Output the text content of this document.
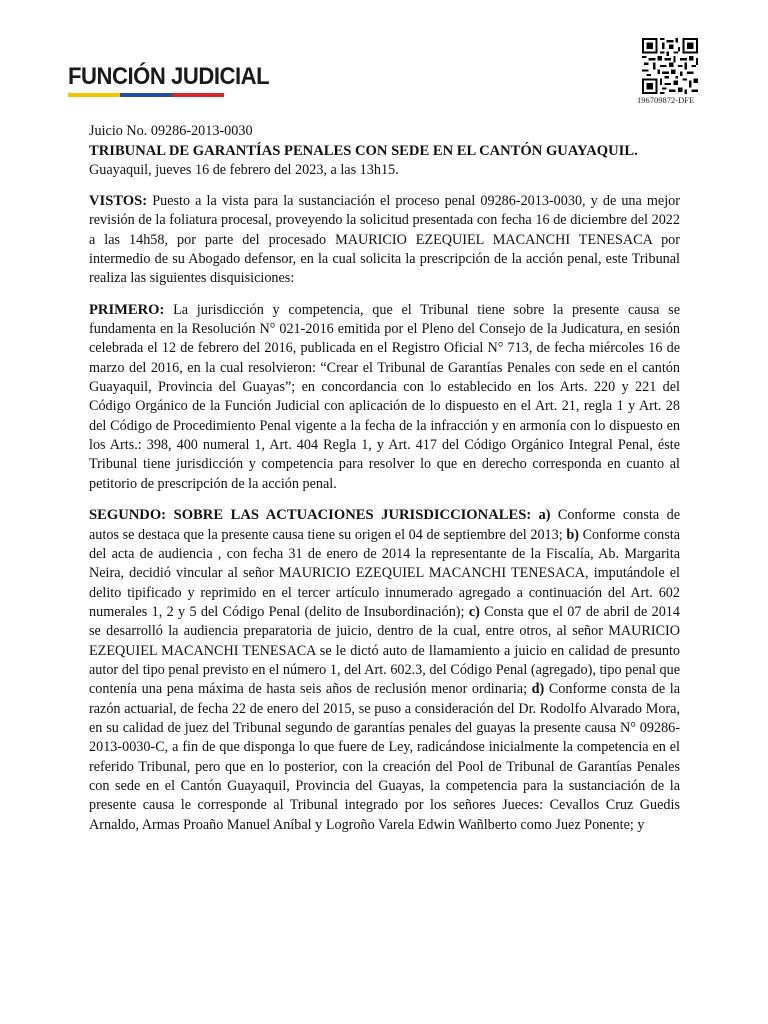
FUNCIÓN JUDICIAL
196709872-DFE
Juicio No. 09286-2013-0030
TRIBUNAL DE GARANTÍAS PENALES CON SEDE EN EL CANTÓN GUAYAQUIL.
Guayaquil, jueves 16 de febrero del 2023, a las 13h15.

VISTOS: Puesto a la vista para la sustanciación el proceso penal 09286-2013-0030, y de una mejor revisión de la foliatura procesal, proveyendo la solicitud presentada con fecha 16 de diciembre del 2022 a las 14h58, por parte del procesado MAURICIO EZEQUIEL MACANCHI TENESACA por intermedio de su Abogado defensor, en la cual solicita la prescripción de la acción penal, este Tribunal realiza las siguientes disquisiciones:

PRIMERO: La jurisdicción y competencia, que el Tribunal tiene sobre la presente causa se fundamenta en la Resolución N° 021-2016 emitida por el Pleno del Consejo de la Judicatura, en sesión celebrada el 12 de febrero del 2016, publicada en el Registro Oficial N° 713, de fecha miércoles 16 de marzo del 2016, en la cual resolvieron: “Crear el Tribunal de Garantías Penales con sede en el cantón Guayaquil, Provincia del Guayas”; en concordancia con lo establecido en los Arts. 220 y 221 del Código Orgánico de la Función Judicial con aplicación de lo dispuesto en el Art. 21, regla 1 y Art. 28 del Código de Procedimiento Penal vigente a la fecha de la infracción y en armonía con lo dispuesto en los Arts.: 398, 400 numeral 1, Art. 404 Regla 1, y Art. 417 del Código Orgánico Integral Penal, éste Tribunal tiene jurisdicción y competencia para resolver lo que en derecho corresponda en cuanto al petitorio de prescripción de la acción penal.

SEGUNDO: SOBRE LAS ACTUACIONES JURISDICCIONALES: a) Conforme consta de autos se destaca que la presente causa tiene su origen el 04 de septiembre del 2013; b) Conforme consta del acta de audiencia , con fecha 31 de enero de 2014 la representante de la Fiscalía, Ab. Margarita Neira, decidió vincular al señor MAURICIO EZEQUIEL MACANCHI TENESACA, imputándole el delito tipificado y reprimido en el tercer artículo innumerado agregado a continuación del Art. 602 numerales 1, 2 y 5 del Código Penal (delito de Insubordinación); c) Consta que el 07 de abril de 2014 se desarrolló la audiencia preparatoria de juicio, dentro de la cual, entre otros, al señor MAURICIO EZEQUIEL MACANCHI TENESACA se le dictó auto de llamamiento a juicio en calidad de presunto autor del tipo penal previsto en el número 1, del Art. 602.3, del Código Penal (agregado), tipo penal que contenía una pena máxima de hasta seis años de reclusión menor ordinaria; d) Conforme consta de la razón actuarial, de fecha 22 de enero del 2015, se puso a consideración del Dr. Rodolfo Alvarado Mora, en su calidad de juez del Tribunal segundo de garantías penales del guayas la presente causa N° 09286-2013-0030-C, a fin de que disponga lo que fuere de Ley, radicándose inicialmente la competencia en el referido Tribunal, pero que en lo posterior, con la creación del Pool de Tribunal de Garantías Penales con sede en el Cantón Guayaquil, Provincia del Guayas, la competencia para la sustanciación de la presente causa le corresponde al Tribunal integrado por los señores Jueces: Cevallos Cruz Guedis Arnaldo, Armas Proaño Manuel Aníbal y Logroño Varela Edwin Wañlberto como Juez Ponente; y
